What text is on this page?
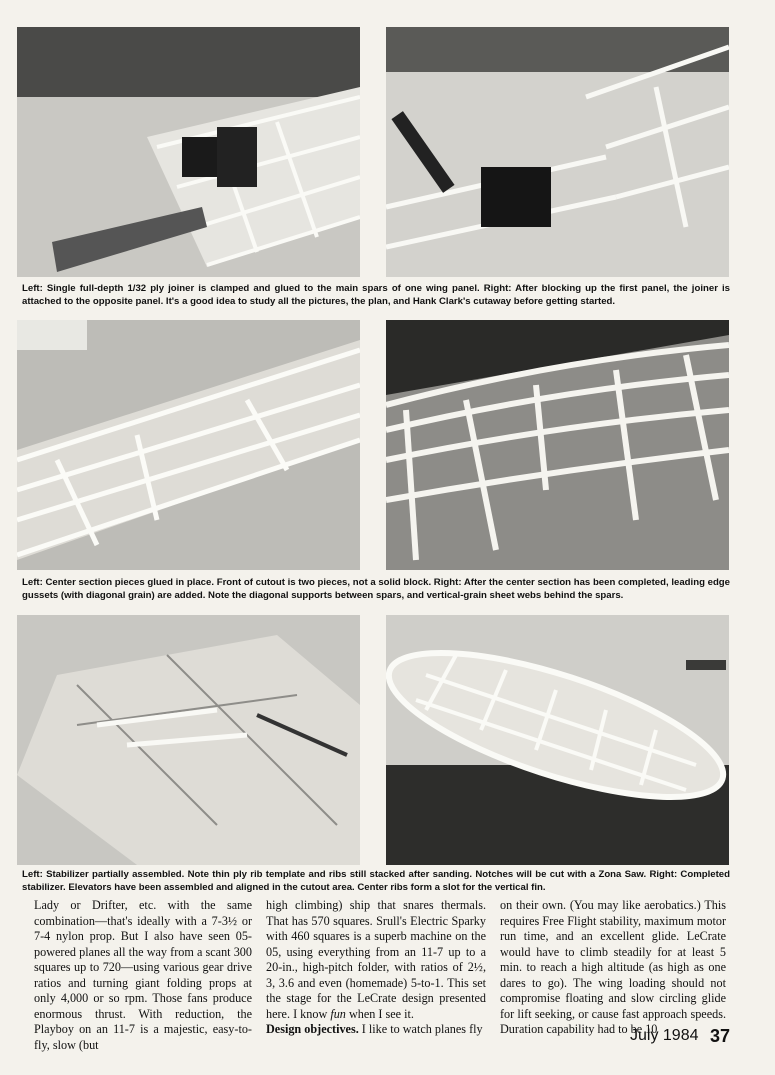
Left: Single full-depth 1/32 ply joiner is clamped and glued to the main spars of one wing panel. Right: After blocking up the first panel, the joiner is attached to the opposite panel. It's a good idea to study all the pictures, the plan, and Hank Clark's cutaway before getting started.

Left: Center section pieces glued in place. Front of cutout is two pieces, not a solid block. Right: After the center section has been completed, leading edge gussets (with diagonal grain) are added. Note the diagonal supports between spars, and vertical-grain sheet webs behind the spars.

Left: Stabilizer partially assembled. Note thin ply rib template and ribs still stacked after sanding. Notches will be cut with a Zona Saw. Right: Completed stabilizer. Elevators have been assembled and aligned in the cutout area. Center ribs form a slot for the vertical fin.

Lady or Drifter, etc. with the same combination—that's ideally with a 7-3½ or 7-4 nylon prop. But I also have seen 05-powered planes all the way from a scant 300 squares up to 720—using various gear drive ratios and turning giant folding props at only 4,000 or so rpm. Those fans produce enormous thrust. With reduction, the Playboy on an 11-7 is a majestic, easy-to-fly, slow (but

high climbing) ship that snares thermals. That has 570 squares. Srull's Electric Sparky with 460 squares is a superb machine on the 05, using everything from an 11-7 up to a 20-in., high-pitch folder, with ratios of 2½, 3, 3.6 and even (homemade) 5-to-1. This set the stage for the LeCrate design presented here. I know fun when I see it.
Design objectives. I like to watch planes fly

on their own. (You may like aerobatics.) This requires Free Flight stability, maximum motor run time, and an excellent glide. LeCrate would have to climb steadily for at least 5 min. to reach a high altitude (as high as one dares to go). The wing loading should not compromise floating and slow circling glide for lift seeking, or cause fast approach speeds. Duration capability had to be 10

July 1984 37
